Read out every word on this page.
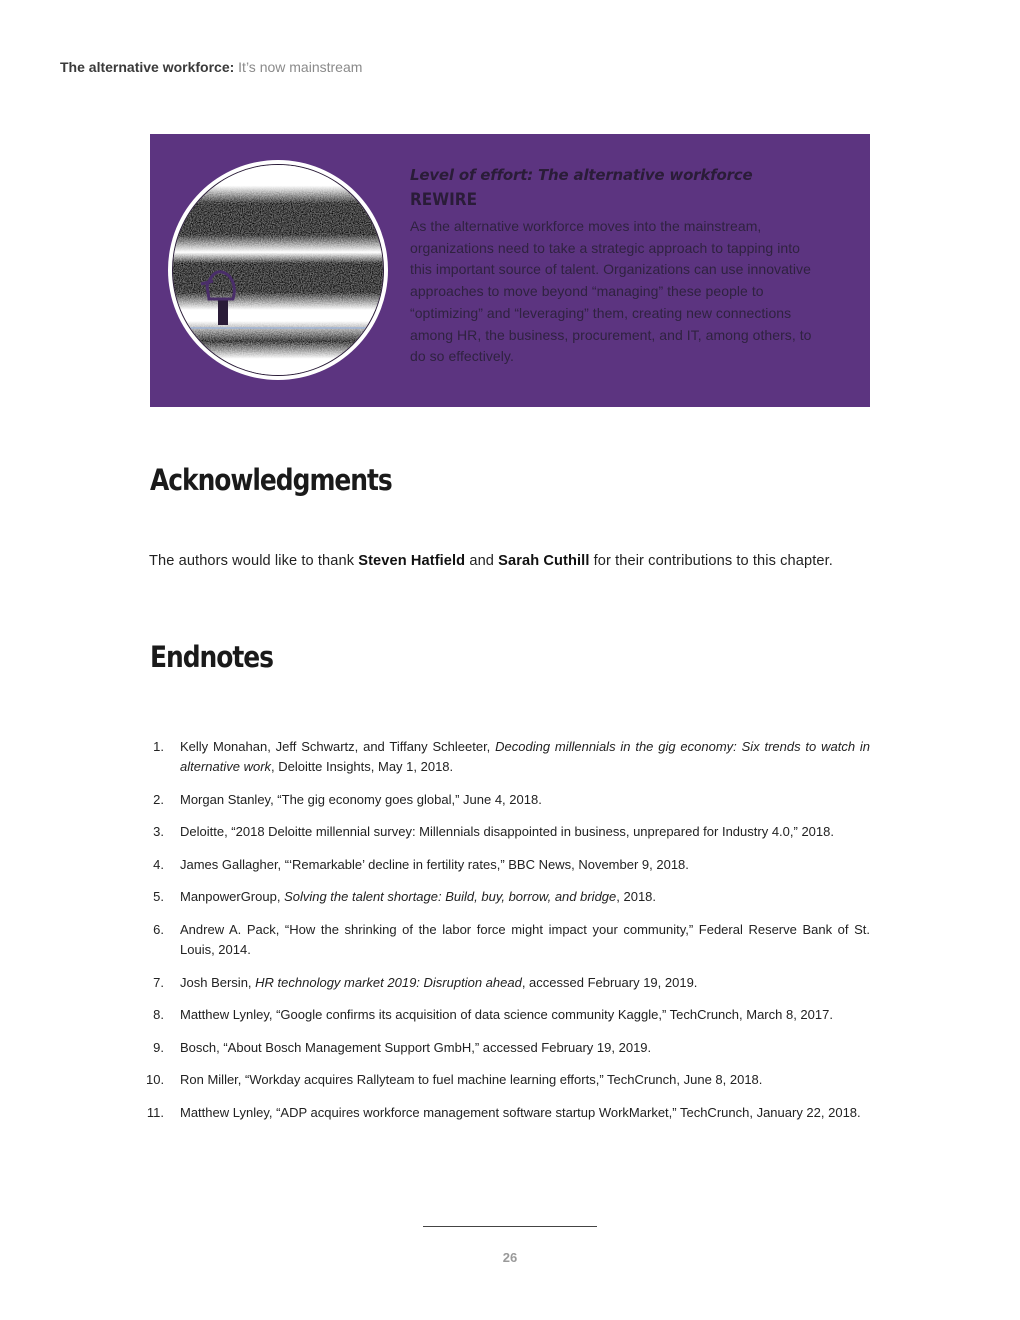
The alternative workforce: It’s now mainstream
Level of effort: The alternative workforce
REWIRE
As the alternative workforce moves into the mainstream, organizations need to take a strategic approach to tapping into this important source of talent. Organizations can use innovative approaches to move beyond “managing” these people to “optimizing” and “leveraging” them, creating new connections among HR, the business, procurement, and IT, among others, to do so effectively.
Acknowledgments

The authors would like to thank Steven Hatfield and Sarah Cuthill for their contributions to this chapter.

Endnotes
1. Kelly Monahan, Jeff Schwartz, and Tiffany Schleeter, Decoding millennials in the gig economy: Six trends to watch in alternative work, Deloitte Insights, May 1, 2018.
2. Morgan Stanley, “The gig economy goes global,” June 4, 2018.
3. Deloitte, “2018 Deloitte millennial survey: Millennials disappointed in business, unprepared for Industry 4.0,” 2018.
4. James Gallagher, “‘Remarkable’ decline in fertility rates,” BBC News, November 9, 2018.
5. ManpowerGroup, Solving the talent shortage: Build, buy, borrow, and bridge, 2018.
6. Andrew A. Pack, “How the shrinking of the labor force might impact your community,” Federal Reserve Bank of St. Louis, 2014.
7. Josh Bersin, HR technology market 2019: Disruption ahead, accessed February 19, 2019.
8. Matthew Lynley, “Google confirms its acquisition of data science community Kaggle,” TechCrunch, March 8, 2017.
9. Bosch, “About Bosch Management Support GmbH,” accessed February 19, 2019.
10. Ron Miller, “Workday acquires Rallyteam to fuel machine learning efforts,” TechCrunch, June 8, 2018.
11. Matthew Lynley, “ADP acquires workforce management software startup WorkMarket,” TechCrunch, January 22, 2018.
26
